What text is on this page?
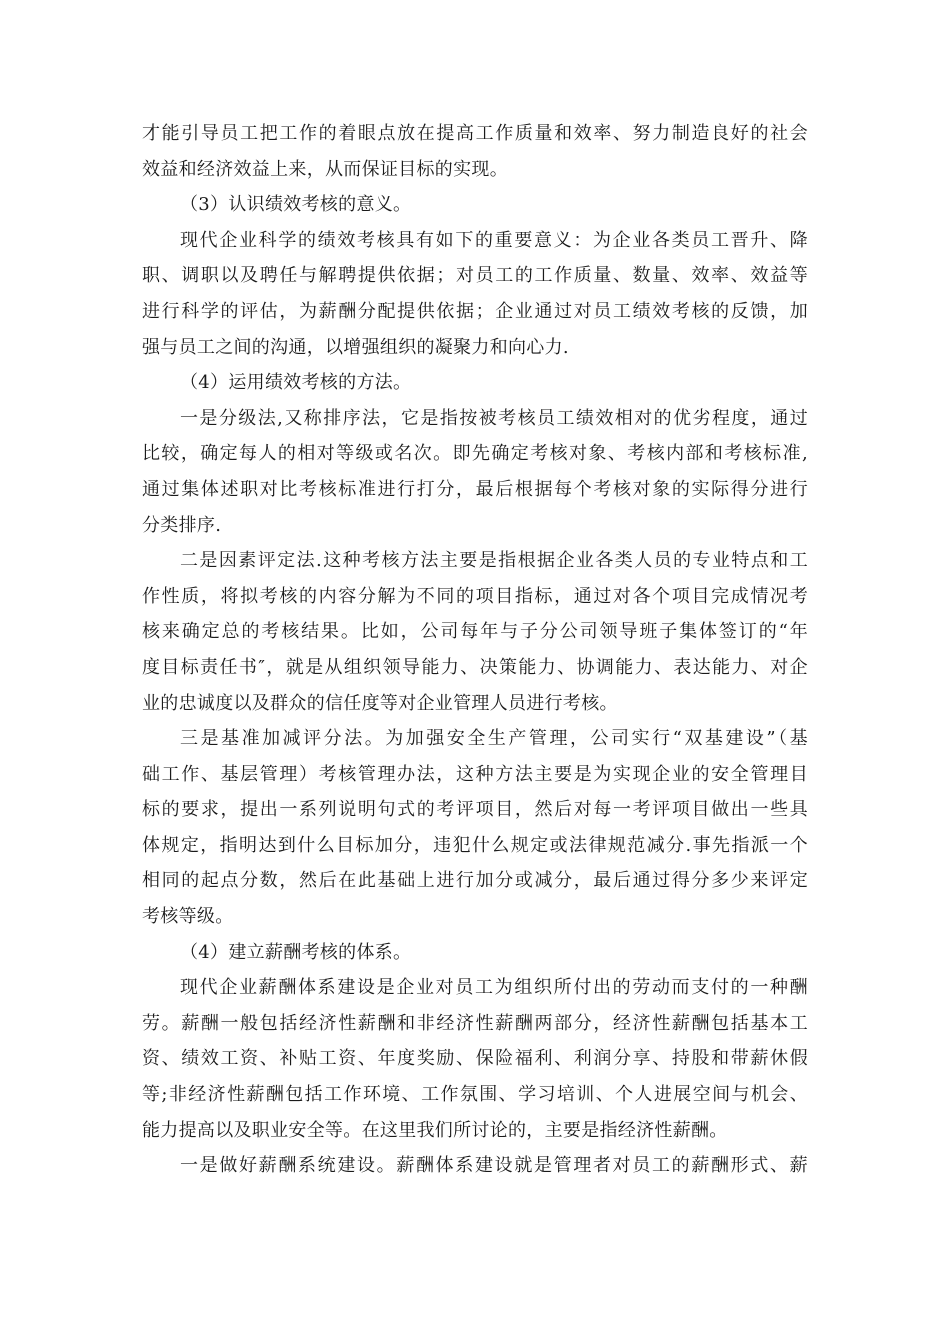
才能引导员工把工作的着眼点放在提高工作质量和效率、努力制造良好的社会
效益和经济效益上来，从而保证目标的实现。
（3）认识绩效考核的意义。
现代企业科学的绩效考核具有如下的重要意义：为企业各类员工晋升、降
职、调职以及聘任与解聘提供依据；对员工的工作质量、数量、效率、效益等
进行科学的评估，为薪酬分配提供依据；企业通过对员工绩效考核的反馈，加
强与员工之间的沟通，以增强组织的凝聚力和向心力.
（4）运用绩效考核的方法。
一是分级法,又称排序法，它是指按被考核员工绩效相对的优劣程度，通过
比较，确定每人的相对等级或名次。即先确定考核对象、考核内部和考核标准,
通过集体述职对比考核标准进行打分，最后根据每个考核对象的实际得分进行
分类排序.
二是因素评定法.这种考核方法主要是指根据企业各类人员的专业特点和工
作性质，将拟考核的内容分解为不同的项目指标，通过对各个项目完成情况考
核来确定总的考核结果。比如，公司每年与子分公司领导班子集体签订的“年
度目标责任书″，就是从组织领导能力、决策能力、协调能力、表达能力、对企
业的忠诚度以及群众的信任度等对企业管理人员进行考核。
三是基准加减评分法。为加强安全生产管理，公司实行“双基建设”（基
础工作、基层管理）考核管理办法，这种方法主要是为实现企业的安全管理目
标的要求，提出一系列说明句式的考评项目，然后对每一考评项目做出一些具
体规定，指明达到什么目标加分，违犯什么规定或法律规范减分.事先指派一个
相同的起点分数，然后在此基础上进行加分或减分，最后通过得分多少来评定
考核等级。
（4）建立薪酬考核的体系。
现代企业薪酬体系建设是企业对员工为组织所付出的劳动而支付的一种酬
劳。薪酬一般包括经济性薪酬和非经济性薪酬两部分，经济性薪酬包括基本工
资、绩效工资、补贴工资、年度奖励、保险福利、利润分享、持股和带薪休假
等;非经济性薪酬包括工作环境、工作氛围、学习培训、个人进展空间与机会、
能力提高以及职业安全等。在这里我们所讨论的，主要是指经济性薪酬。
一是做好薪酬系统建设。薪酬体系建设就是管理者对员工的薪酬形式、薪
